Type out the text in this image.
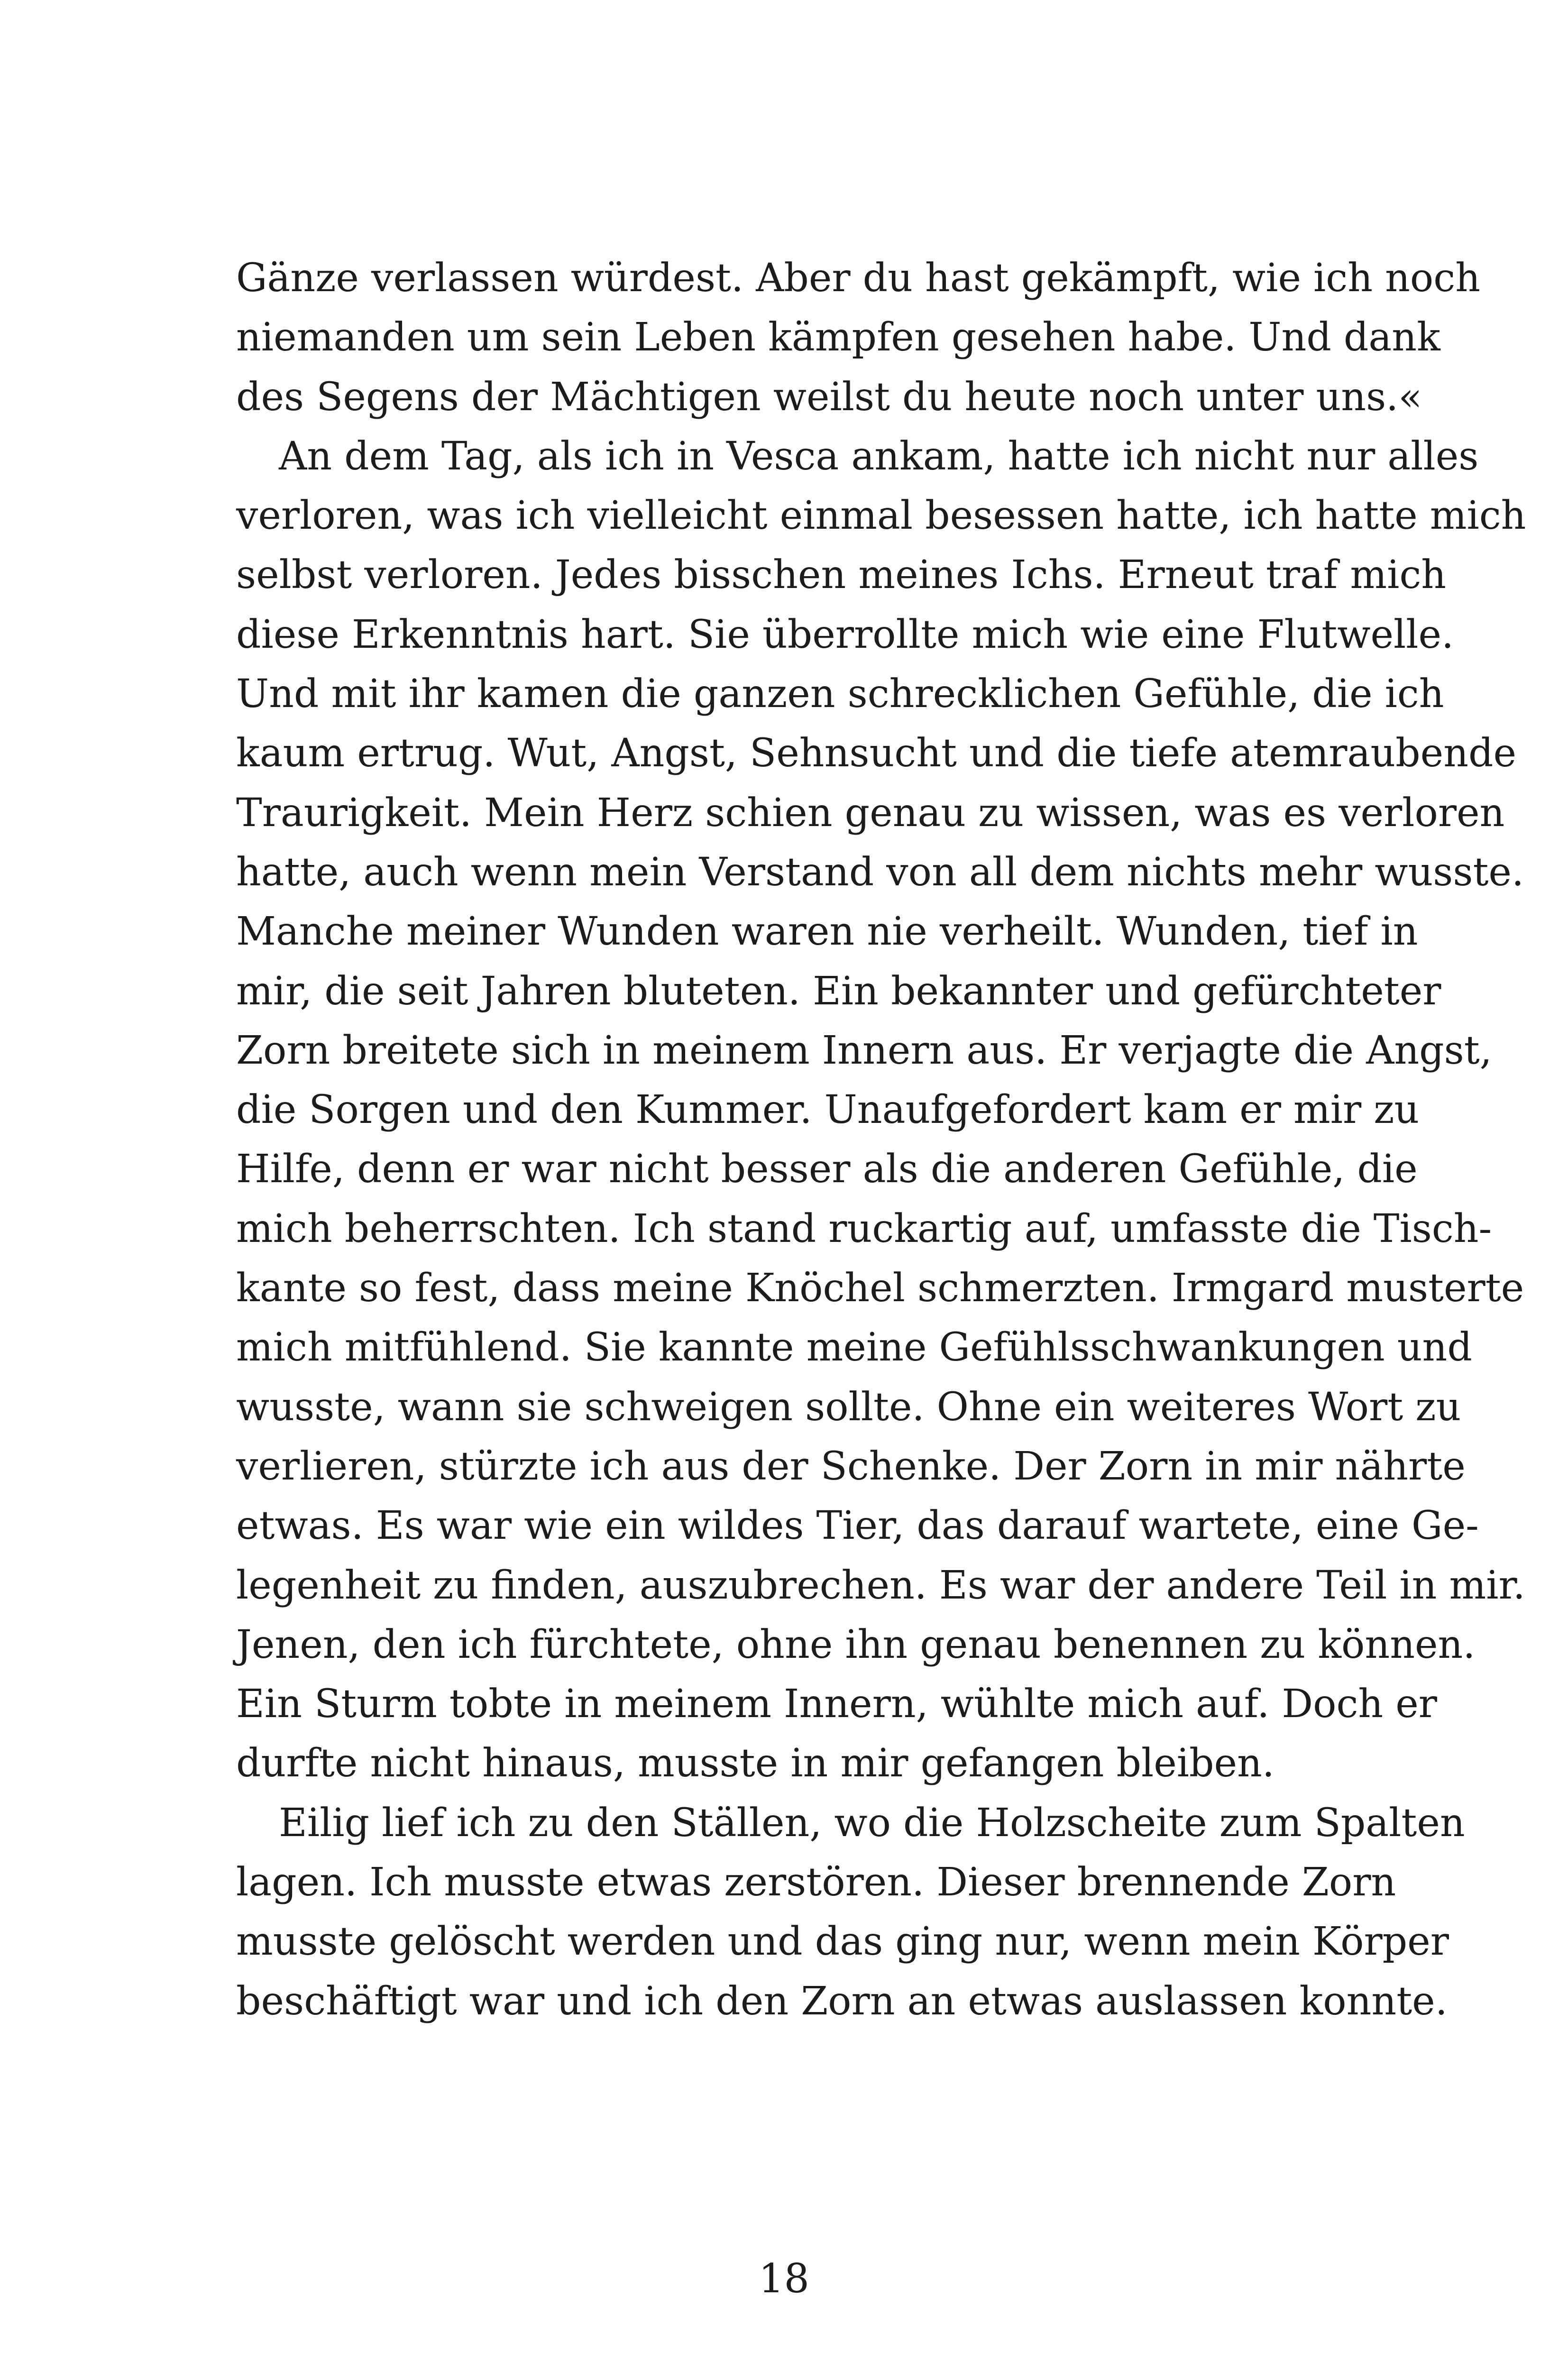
Gänze verlassen würdest. Aber du hast gekämpft, wie ich noch
niemanden um sein Leben kämpfen gesehen habe. Und dank
des Segens der Mächtigen weilst du heute noch unter uns.«
An dem Tag, als ich in Vesca ankam, hatte ich nicht nur alles
verloren, was ich vielleicht einmal besessen hatte, ich hatte mich
selbst verloren. Jedes bisschen meines Ichs. Erneut traf mich
diese Erkenntnis hart. Sie überrollte mich wie eine Flutwelle.
Und mit ihr kamen die ganzen schrecklichen Gefühle, die ich
kaum ertrug. Wut, Angst, Sehnsucht und die tiefe atemraubende
Traurigkeit. Mein Herz schien genau zu wissen, was es verloren
hatte, auch wenn mein Verstand von all dem nichts mehr wusste.
Manche meiner Wunden waren nie verheilt. Wunden, tief in
mir, die seit Jahren bluteten. Ein bekannter und gefürchteter
Zorn breitete sich in meinem Innern aus. Er verjagte die Angst,
die Sorgen und den Kummer. Unaufgefordert kam er mir zu
Hilfe, denn er war nicht besser als die anderen Gefühle, die
mich beherrschten. Ich stand ruckartig auf, umfasste die Tisch-
kante so fest, dass meine Knöchel schmerzten. Irmgard musterte
mich mitfühlend. Sie kannte meine Gefühlsschwankungen und
wusste, wann sie schweigen sollte. Ohne ein weiteres Wort zu
verlieren, stürzte ich aus der Schenke. Der Zorn in mir nährte
etwas. Es war wie ein wildes Tier, das darauf wartete, eine Ge-
legenheit zu finden, auszubrechen. Es war der andere Teil in mir.
Jenen, den ich fürchtete, ohne ihn genau benennen zu können.
Ein Sturm tobte in meinem Innern, wühlte mich auf. Doch er
durfte nicht hinaus, musste in mir gefangen bleiben.
Eilig lief ich zu den Ställen, wo die Holzscheite zum Spalten
lagen. Ich musste etwas zerstören. Dieser brennende Zorn
musste gelöscht werden und das ging nur, wenn mein Körper
beschäftigt war und ich den Zorn an etwas auslassen konnte.
18
